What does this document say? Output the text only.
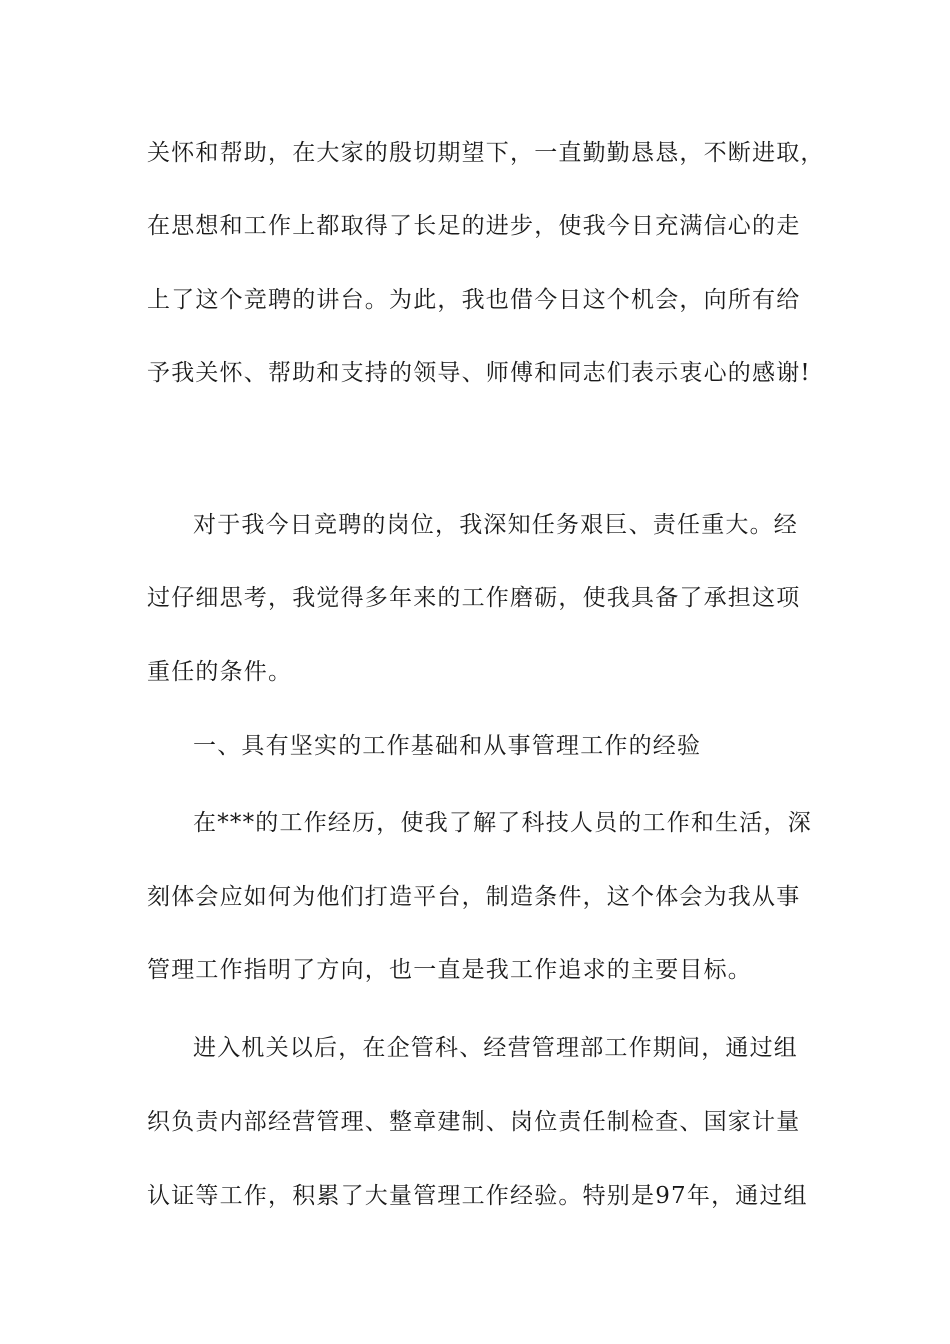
关怀和帮助，在大家的殷切期望下，一直勤勤恳恳，不断进取，
在思想和工作上都取得了长足的进步，使我今日充满信心的走
上了这个竞聘的讲台。为此，我也借今日这个机会，向所有给
予我关怀、帮助和支持的领导、师傅和同志们表示衷心的感谢!
对于我今日竞聘的岗位，我深知任务艰巨、责任重大。经
过仔细思考，我觉得多年来的工作磨砺，使我具备了承担这项
重任的条件。
一、具有坚实的工作基础和从事管理工作的经验
在***的工作经历，使我了解了科技人员的工作和生活，深
刻体会应如何为他们打造平台，制造条件，这个体会为我从事
管理工作指明了方向，也一直是我工作追求的主要目标。
进入机关以后，在企管科、经营管理部工作期间，通过组
织负责内部经营管理、整章建制、岗位责任制检查、国家计量
认证等工作，积累了大量管理工作经验。特别是97年，通过组
